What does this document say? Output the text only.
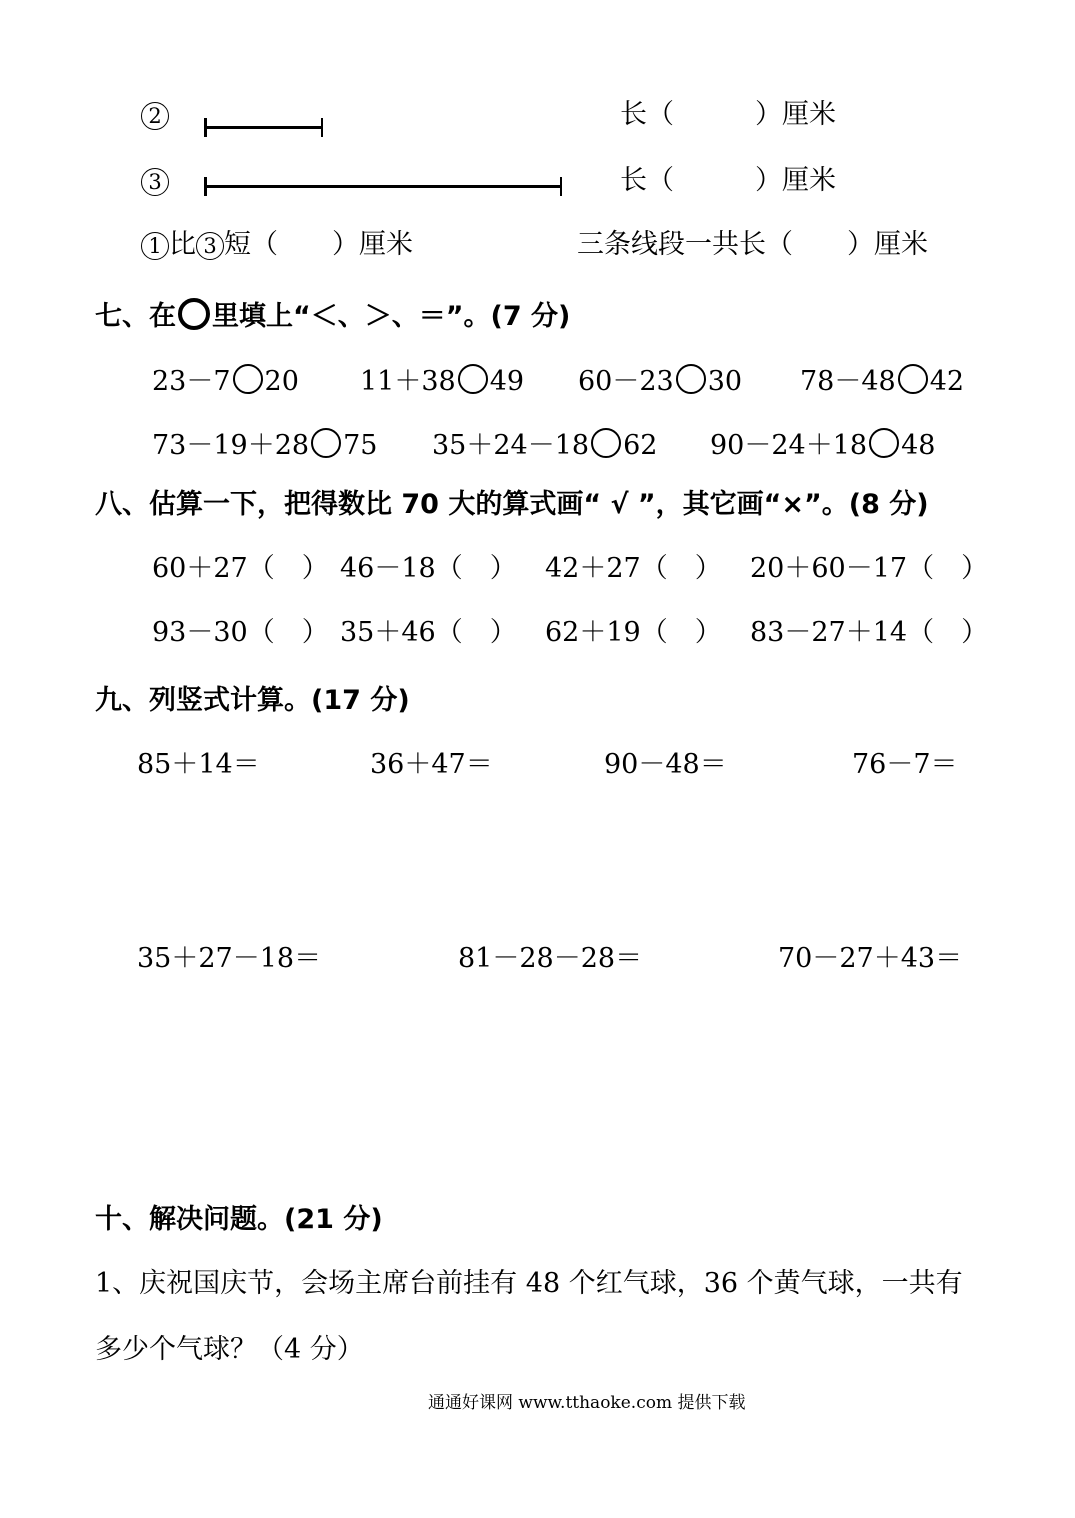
2	长（　　　）厘米
3	长（　　　）厘米
1 比 3 短（　　）厘米	三条线段一共长（　　）厘米
七、在 里填上“＜、＞、＝”。(7 分)
23－7 20 11＋38 49 60－23 30 78－48 42
73－19＋28 75 35＋24－18 62 90－24＋18 48
八、估算一下，把得数比 70 大的算式画“ √ ”，其它画“×”。(8 分)
60＋27（　） 46－18（　） 42＋27（　） 20＋60－17（　）
93－30（　） 35＋46（　） 62＋19（　） 83－27＋14（　）
九、列竖式计算。(17 分)
85＋14＝	36＋47＝	90－48＝	76－7＝
35＋27－18＝	81－28－28＝	70－27＋43＝
十、解决问题。(21 分)
1、庆祝国庆节，会场主席台前挂有 48 个红气球，36 个黄气球，一共有
多少个气球？（4 分）
通通好课网 www.tthaoke.com 提供下载
